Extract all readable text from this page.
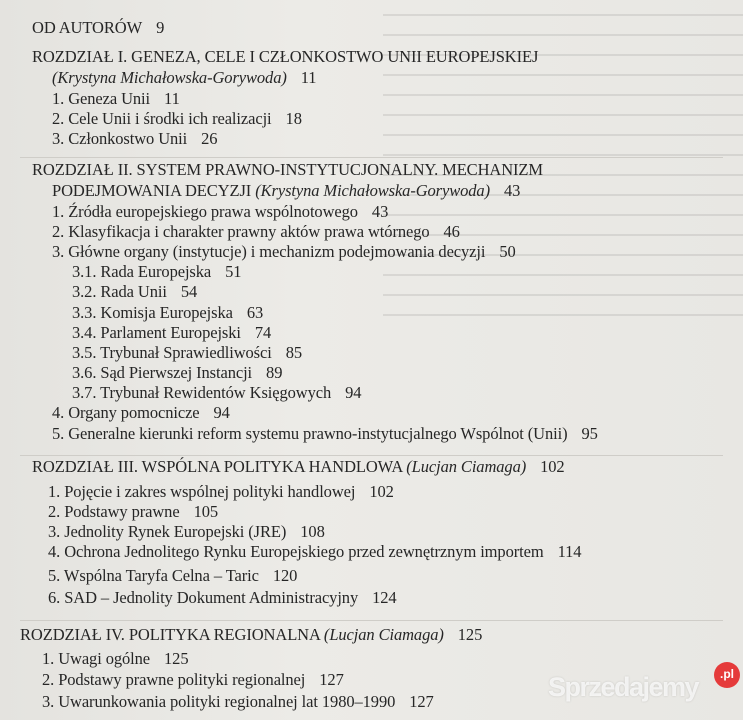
OD AUTORÓW 9
ROZDZIAŁ I. GENEZA, CELE I CZŁONKOSTWO UNII EUROPEJSKIEJ
(Krystyna Michałowska-Gorywoda) 11
1. Geneza Unii 11
2. Cele Unii i środki ich realizacji 18
3. Członkostwo Unii 26
ROZDZIAŁ II. SYSTEM PRAWNO-INSTYTUCJONALNY. MECHANIZM
PODEJMOWANIA DECYZJI (Krystyna Michałowska-Gorywoda) 43
1. Źródła europejskiego prawa wspólnotowego 43
2. Klasyfikacja i charakter prawny aktów prawa wtórnego 46
3. Główne organy (instytucje) i mechanizm podejmowania decyzji 50
3.1. Rada Europejska 51
3.2. Rada Unii 54
3.3. Komisja Europejska 63
3.4. Parlament Europejski 74
3.5. Trybunał Sprawiedliwości 85
3.6. Sąd Pierwszej Instancji 89
3.7. Trybunał Rewidentów Księgowych 94
4. Organy pomocnicze 94
5. Generalne kierunki reform systemu prawno-instytucjalnego Wspólnot (Unii) 95
ROZDZIAŁ III. WSPÓLNA POLITYKA HANDLOWA (Lucjan Ciamaga) 102
1. Pojęcie i zakres wspólnej polityki handlowej 102
2. Podstawy prawne 105
3. Jednolity Rynek Europejski (JRE) 108
4. Ochrona Jednolitego Rynku Europejskiego przed zewnętrznym importem 114
5. Wspólna Taryfa Celna – Taric 120
6. SAD – Jednolity Dokument Administracyjny 124
ROZDZIAŁ IV. POLITYKA REGIONALNA (Lucjan Ciamaga) 125
1. Uwagi ogólne 125
2. Podstawy prawne polityki regionalnej 127
3. Uwarunkowania polityki regionalnej lat 1980–1990 127	Sprzedajemy	.pl
